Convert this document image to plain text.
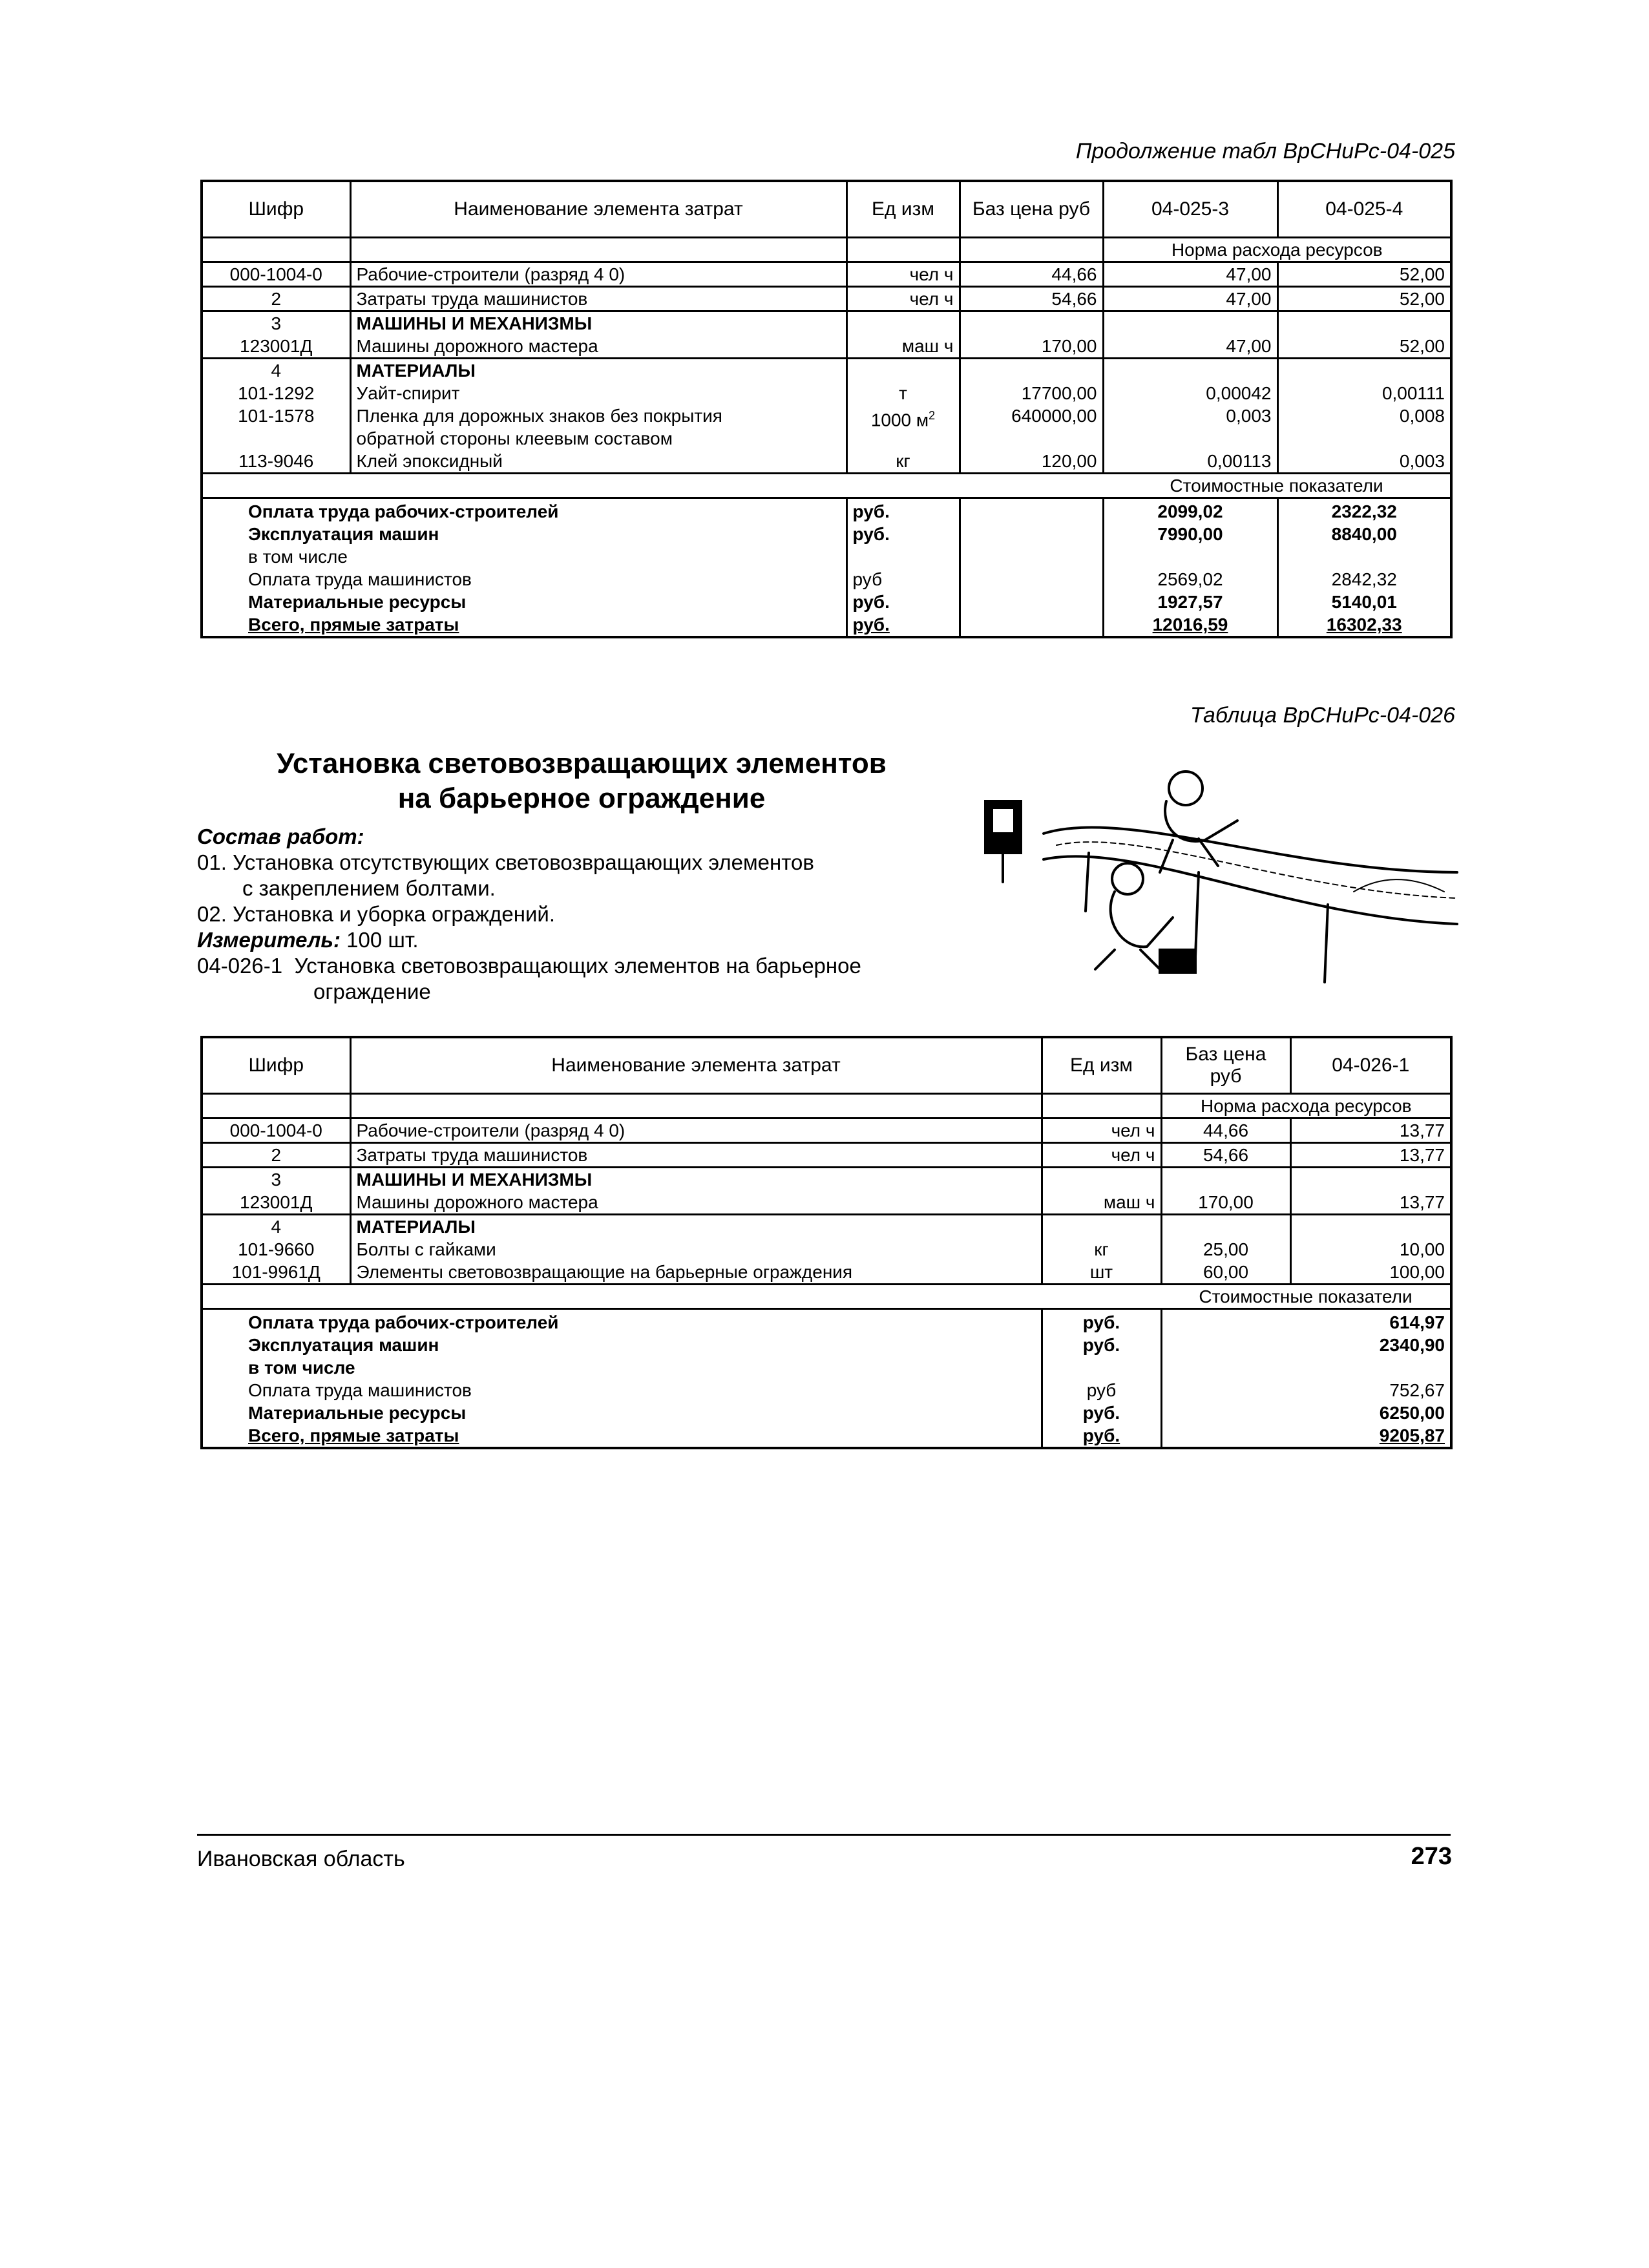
Продолжение табл ВрСНиРс-04-025
Шифр	Наименование элемента затрат	Ед изм	Баз цена руб	04-025-3	04-025-4
				Норма расхода ресурсов	
000-1004-0	Рабочие-строители (разряд 4 0)	чел ч	44,66	47,00	52,00
2	Затраты труда машинистов	чел ч	54,66	47,00	52,00
3	МАШИНЫ И МЕХАНИЗМЫ				
123001Д	Машины дорожного мастера	маш ч	170,00	47,00	52,00
4	МАТЕРИАЛЫ				
101-1292	Уайт-спирит	т	17700,00	0,00042	0,00111
101-1578	Пленка для дорожных знаков без покрытия
обратной стороны клеевым составом	1000 $м^2$	640000,00	0,003	0,008
113-9046	Клей эпоксидный	кг	120,00	0,00113	0,003
				Стоимостные показатели	
Оплата труда рабочих-строителей		руб.		2099,02	2322,32
Эксплуатация машин		руб.		7990,00	8840,00
в том числе					
Оплата труда машинистов		руб		2569,02	2842,32
Материальные ресурсы		руб.		1927,57	5140,01
Всего, прямые затраты		руб.		12016,59	16302,33
Таблица ВрСНиРс-04-026
Установка световозвращающих элементов
на барьерное ограждение
Состав работ:
01. Установка отсутствующих световозвращающих элементов
с закреплением болтами.
02. Установка и уборка ограждений.
Измеритель: 100 шт.
04-026-1 Установка световозвращающих элементов на барьерное
ограждение
Шифр	Наименование элемента затрат	Ед изм	Баз цена руб	04-026-1
			Норма расхода ресурсов	
000-1004-0	Рабочие-строители (разряд 4 0)	чел ч	44,66	13,77
2	Затраты труда машинистов	чел ч	54,66	13,77
3	МАШИНЫ И МЕХАНИЗМЫ			
123001Д	Машины дорожного мастера	маш ч	170,00	13,77
4	МАТЕРИАЛЫ			
101-9660	Болты с гайками	кг	25,00	10,00
101-9961Д	Элементы световозвращающие на барьерные ограждения	шт	60,00	100,00
			Стоимостные показатели	
Оплата труда рабочих-строителей		руб.	614,97	
Эксплуатация машин		руб.	2340,90	
в том числе				
Оплата труда машинистов		руб	752,67	
Материальные ресурсы		руб.	6250,00	
Всего, прямые затраты		руб.	9205,87	
Ивановская область	273
